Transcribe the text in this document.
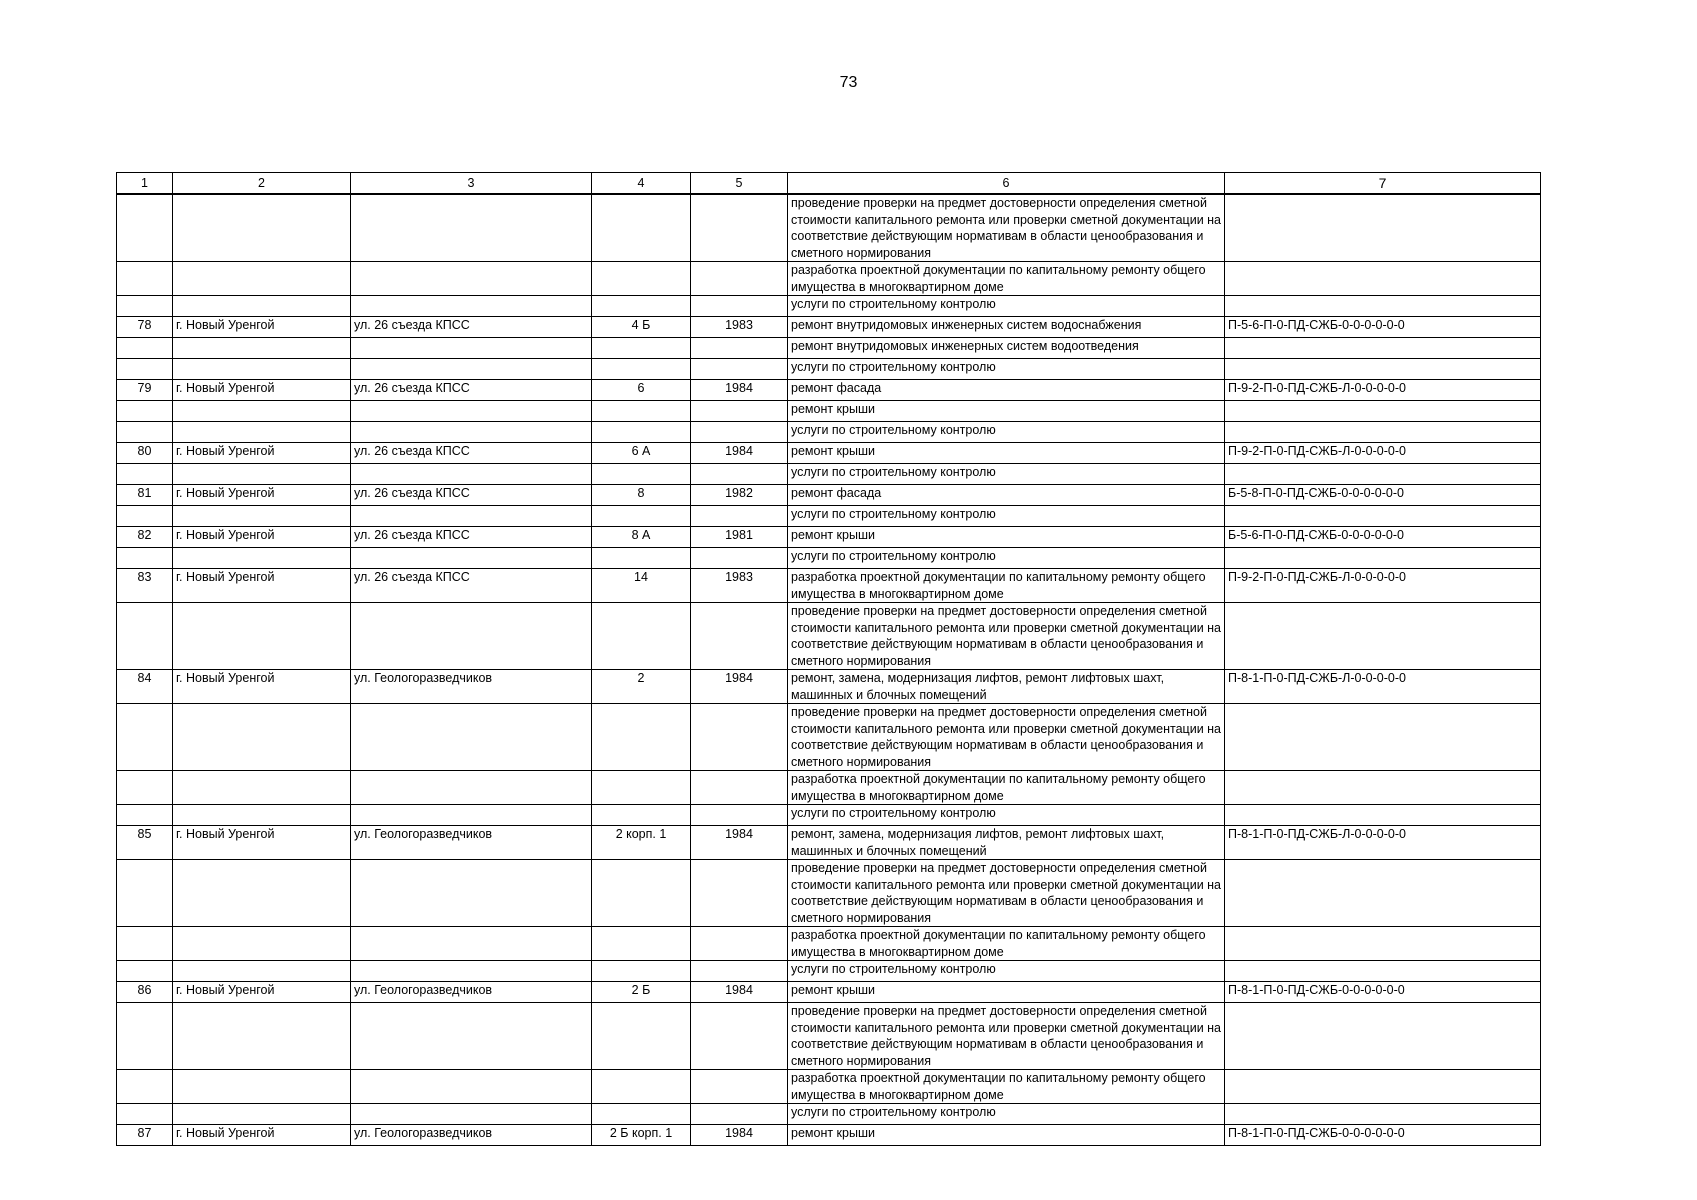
73
1	2	3	4	5	6	7
					проведение проверки на предмет достоверности определения сметной стоимости капитального ремонта или проверки сметной документации на соответствие действующим нормативам в области ценообразования и сметного нормирования	
					разработка проектной документации по капитальному ремонту общего имущества в многоквартирном доме	
					услуги по строительному контролю	
78	г. Новый Уренгой	ул. 26 съезда КПСС	4 Б	1983	ремонт внутридомовых инженерных систем водоснабжения	П-5-6-П-0-ПД-СЖБ-0-0-0-0-0-0
					ремонт внутридомовых инженерных систем водоотведения	
					услуги по строительному контролю	
79	г. Новый Уренгой	ул. 26 съезда КПСС	6	1984	ремонт фасада	П-9-2-П-0-ПД-СЖБ-Л-0-0-0-0-0
					ремонт крыши	
					услуги по строительному контролю	
80	г. Новый Уренгой	ул. 26 съезда КПСС	6 А	1984	ремонт крыши	П-9-2-П-0-ПД-СЖБ-Л-0-0-0-0-0
					услуги по строительному контролю	
81	г. Новый Уренгой	ул. 26 съезда КПСС	8	1982	ремонт фасада	Б-5-8-П-0-ПД-СЖБ-0-0-0-0-0-0
					услуги по строительному контролю	
82	г. Новый Уренгой	ул. 26 съезда КПСС	8 А	1981	ремонт крыши	Б-5-6-П-0-ПД-СЖБ-0-0-0-0-0-0
					услуги по строительному контролю	
83	г. Новый Уренгой	ул. 26 съезда КПСС	14	1983	разработка проектной документации по капитальному ремонту общего имущества в многоквартирном доме	П-9-2-П-0-ПД-СЖБ-Л-0-0-0-0-0
					проведение проверки на предмет достоверности определения сметной стоимости капитального ремонта или проверки сметной документации на соответствие действующим нормативам в области ценообразования и сметного нормирования	
84	г. Новый Уренгой	ул. Геологоразведчиков	2	1984	ремонт, замена, модернизация лифтов, ремонт лифтовых шахт, машинных и блочных помещений	П-8-1-П-0-ПД-СЖБ-Л-0-0-0-0-0
					проведение проверки на предмет достоверности определения сметной стоимости капитального ремонта или проверки сметной документации на соответствие действующим нормативам в области ценообразования и сметного нормирования	
					разработка проектной документации по капитальному ремонту общего имущества в многоквартирном доме	
					услуги по строительному контролю	
85	г. Новый Уренгой	ул. Геологоразведчиков	2 корп. 1	1984	ремонт, замена, модернизация лифтов, ремонт лифтовых шахт, машинных и блочных помещений	П-8-1-П-0-ПД-СЖБ-Л-0-0-0-0-0
					проведение проверки на предмет достоверности определения сметной стоимости капитального ремонта или проверки сметной документации на соответствие действующим нормативам в области ценообразования и сметного нормирования	
					разработка проектной документации по капитальному ремонту общего имущества в многоквартирном доме	
					услуги по строительному контролю	
86	г. Новый Уренгой	ул. Геологоразведчиков	2 Б	1984	ремонт крыши	П-8-1-П-0-ПД-СЖБ-0-0-0-0-0-0
					проведение проверки на предмет достоверности определения сметной стоимости капитального ремонта или проверки сметной документации на соответствие действующим нормативам в области ценообразования и сметного нормирования	
					разработка проектной документации по капитальному ремонту общего имущества в многоквартирном доме	
					услуги по строительному контролю	
87	г. Новый Уренгой	ул. Геологоразведчиков	2 Б корп. 1	1984	ремонт крыши	П-8-1-П-0-ПД-СЖБ-0-0-0-0-0-0
